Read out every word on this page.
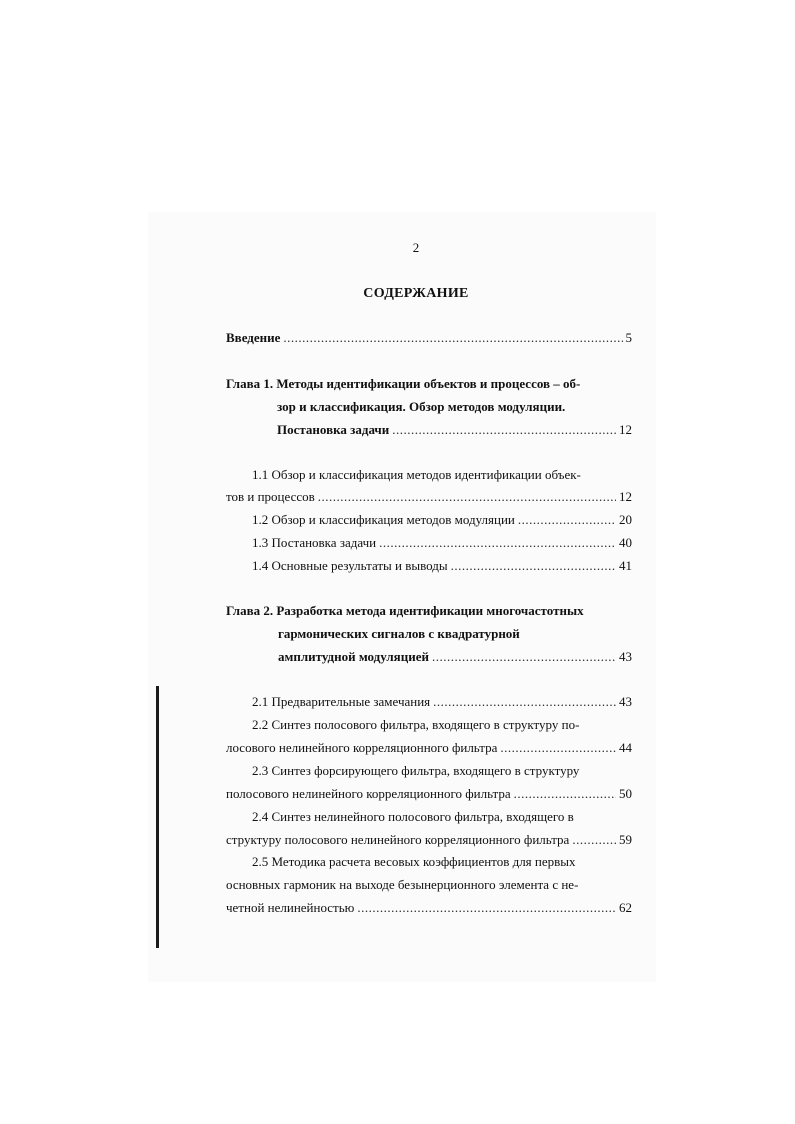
2
СОДЕРЖАНИЕ
Введение .....	5
Глава 1. Методы идентификации объектов и процессов – об-
зор и классификация. Обзор методов модуляции.
Постановка задачи .....	12
1.1 Обзор и классификация методов идентификации объек-
тов и процессов .....	12
1.2 Обзор и классификация методов модуляции .....	20
1.3 Постановка задачи .....	40
1.4 Основные результаты и выводы .....	41
Глава 2. Разработка метода идентификации многочастотных
гармонических сигналов с квадратурной
амплитудной модуляцией .....	43
2.1 Предварительные замечания .....	43
2.2 Синтез полосового фильтра, входящего в структуру по-
лосового нелинейного корреляционного фильтра .....	44
2.3 Синтез форсирующего фильтра, входящего в структуру
полосового нелинейного корреляционного фильтра .....	50
2.4 Синтез нелинейного полосового фильтра, входящего в
структуру полосового нелинейного корреляционного фильтра .....	59
2.5 Методика расчета весовых коэффициентов для первых
основных гармоник на выходе безынерционного элемента с не-
четной нелинейностью .....	62
